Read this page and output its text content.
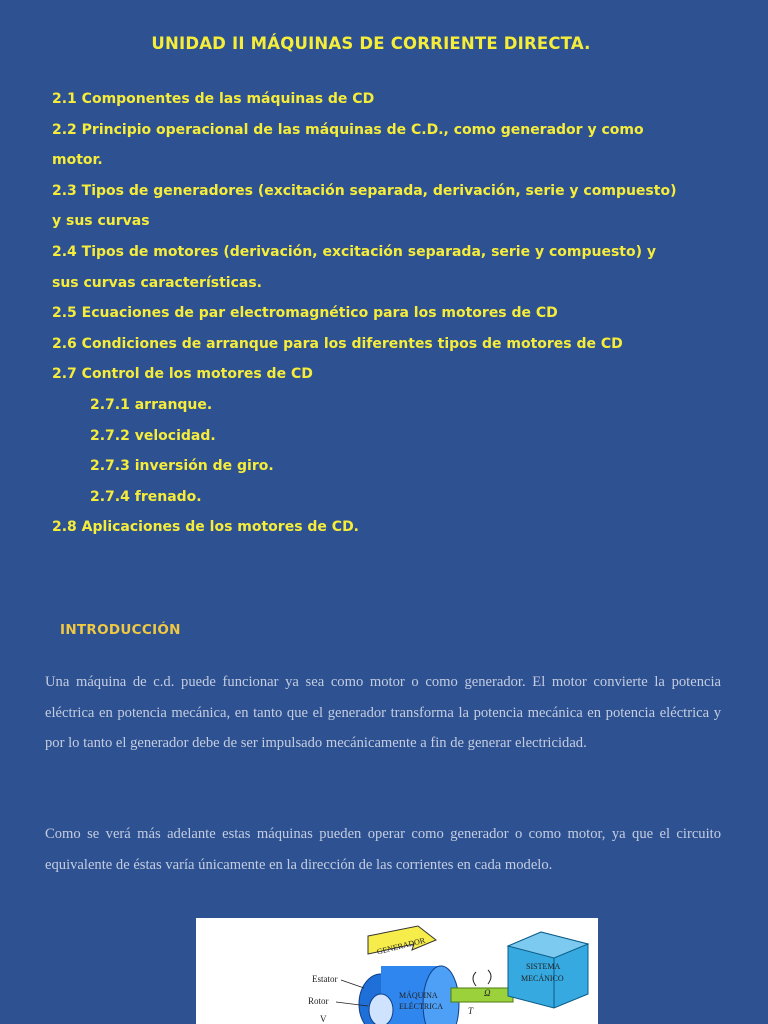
UNIDAD II MÁQUINAS DE CORRIENTE DIRECTA.
2.1 Componentes de las máquinas de CD
2.2 Principio operacional de las máquinas de C.D., como generador y como
motor.
2.3 Tipos de generadores (excitación separada, derivación, serie y compuesto)
y sus curvas
2.4 Tipos de motores (derivación, excitación separada, serie y compuesto) y
sus curvas características.
2.5 Ecuaciones de par electromagnético para los motores de CD
2.6 Condiciones de arranque para los diferentes tipos de motores de CD
2.7 Control de los motores de CD
2.7.1 arranque.
2.7.2 velocidad.
2.7.3 inversión de giro.
2.7.4 frenado.
2.8 Aplicaciones de los motores de CD.
INTRODUCCIÓN

Una máquina de c.d. puede funcionar ya sea como motor o como generador. El motor convierte la potencia eléctrica en potencia mecánica, en tanto que el generador transforma la potencia mecánica en potencia eléctrica y por lo tanto el generador debe de ser impulsado mecánicamente a fin de generar electricidad.

Como se verá más adelante estas máquinas pueden operar como generador o como motor, ya que el circuito equivalente de éstas varía únicamente en la dirección de las corrientes en cada modelo.

GENERADOR
Estator
Rotor
V
MÁQUINA
ELÉCTRICA
SISTEMA
MECÁNICO
T
Ω
